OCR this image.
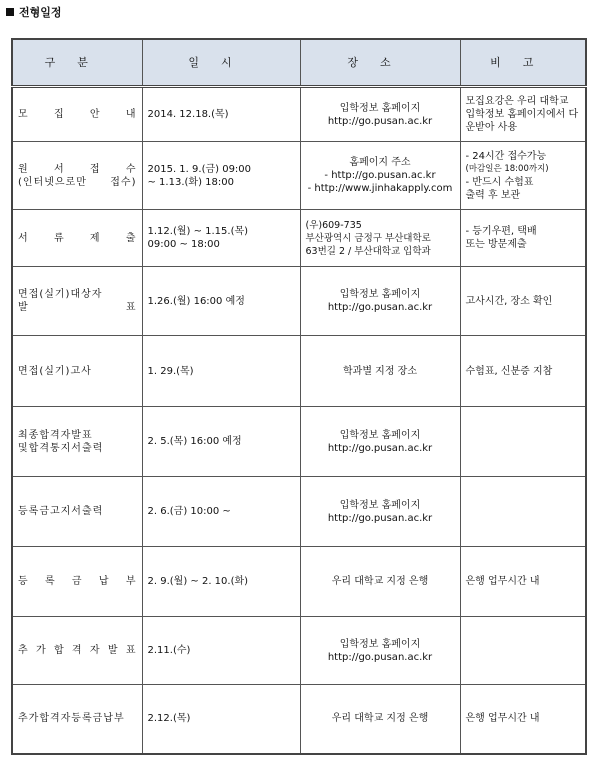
전형일정
구분	일시	장소	비고

모 집 안 내	2014. 12.18.(목)	입학정보 홈페이지
http://go.pusan.ac.kr	모집요강은 우리 대학교 입학정보 홈페이지에서 다운받아 사용

원 서 접 수
(인터넷으로만 접수)	2015. 1. 9.(금) 09:00
~ 1.13.(화) 18:00	홈페이지 주소
- http://go.pusan.ac.kr
- http://www.jinhakapply.com	- 24시간 접수가능
(마감일은 18:00까지)
- 반드시 수험표
출력 후 보관

서 류 제 출	1.12.(월) ~ 1.15.(목)
09:00 ~ 18:00	(우)609-735
부산광역시 금정구 부산대학로
63번길 2 / 부산대학교 입학과	- 등기우편, 택배
또는 방문제출

면접(실기)대상자
발 표	1.26.(월) 16:00 예정	입학정보 홈페이지
http://go.pusan.ac.kr	고사시간, 장소 확인

면접(실기)고사	1. 29.(목)	학과별 지정 장소	수험표, 신분증 지참

최종합격자발표
및합격통지서출력	2. 5.(목) 16:00 예정	입학정보 홈페이지
http://go.pusan.ac.kr	

등록금고지서출력	2. 6.(금) 10:00 ~	입학정보 홈페이지
http://go.pusan.ac.kr	

등 록 금 납 부	2. 9.(월) ~ 2. 10.(화)	우리 대학교 지정 은행	은행 업무시간 내

추 가 합 격 자 발 표	2.11.(수)	입학정보 홈페이지
http://go.pusan.ac.kr	

추가합격자등록금납부	2.12.(목)	우리 대학교 지정 은행	은행 업무시간 내
